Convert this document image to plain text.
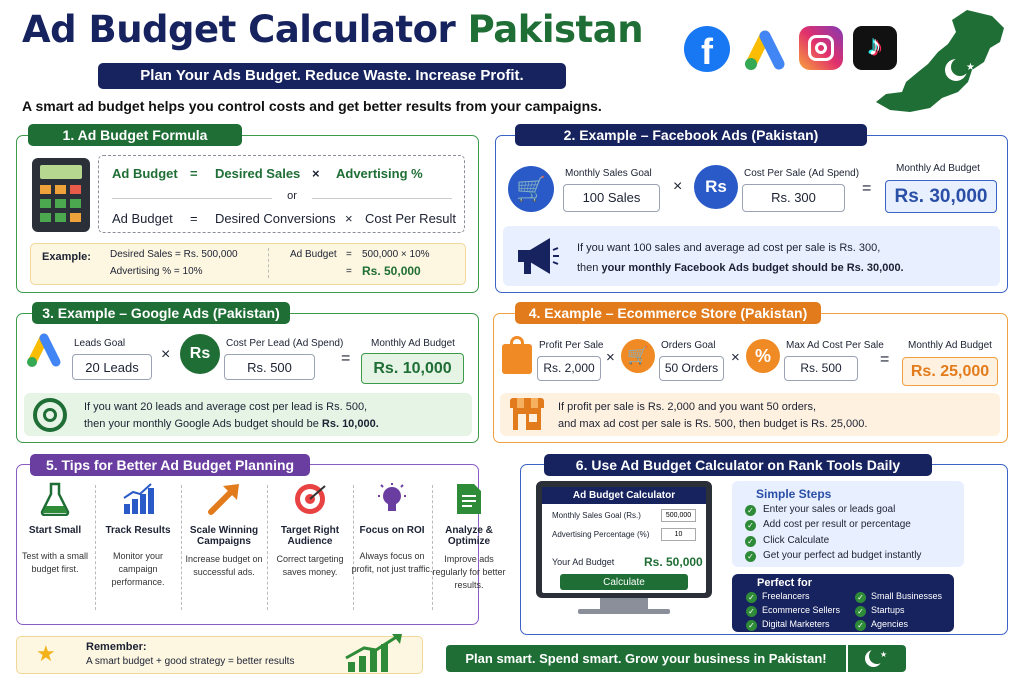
Ad Budget Calculator Pakistan
Plan Your Ads Budget. Reduce Waste. Increase Profit.
A smart ad budget helps you control costs and get better results from your campaigns.
f	♪
★
1. Ad Budget Formula
Ad Budget = Desired Sales × Advertising %
or
Ad Budget = Desired Conversions × Cost Per Result
Example: Desired Sales = Rs. 500,000
Advertising % = 10%
Ad Budget = 500,000 × 10%
= Rs. 50,000
2. Example – Facebook Ads (Pakistan)
🛒
Monthly Sales Goal
100 Sales
×	Rs
Cost Per Sale (Ad Spend)
Rs. 300
=
Monthly Ad Budget
Rs. 30,000
If you want 100 sales and average ad cost per sale is Rs. 300,
then your monthly Facebook Ads budget should be Rs. 30,000.
3. Example – Google Ads (Pakistan)
Leads Goal
20 Leads
×	Rs
Cost Per Lead (Ad Spend)
Rs. 500
=
Monthly Ad Budget
Rs. 10,000
If you want 20 leads and average cost per lead is Rs. 500,
then your monthly Google Ads budget should be Rs. 10,000.
4. Example – Ecommerce Store (Pakistan)
Profit Per Sale
Rs. 2,000
× 🛒
Orders Goal
50 Orders
× %	Max Ad Cost Per Sale
Rs. 500	=
Monthly Ad Budget
Rs. 25,000
If profit per sale is Rs. 2,000 and you want 50 orders,
and max ad cost per sale is Rs. 500, then budget is Rs. 25,000.
5. Tips for Better Ad Budget Planning
Start Small
Test with a small budget first.
Track Results
Monitor your campaign performance.
Scale Winning Campaigns
Increase budget on successful ads.
Target Right Audience
Correct targeting saves money.
Focus on ROI
Always focus on profit, not just traffic.
Analyze & Optimize
Improve ads regularly for better results.
★	Remember:
A smart budget + good strategy = better results
6. Use Ad Budget Calculator on Rank Tools Daily
Ad Budget Calculator
Monthly Sales Goal (Rs.)
500,000
Advertising Percentage (%)
10
Your Ad Budget Rs. 50,000
Calculate
Simple Steps
✓ Enter your sales or leads goal
✓ Add cost per result or percentage
✓ Click Calculate
✓ Get your perfect ad budget instantly
Perfect for
✓ Freelancers
✓ Ecommerce Sellers
✓ Digital Marketers
✓ Small Businesses
✓ Startups
✓ Agencies
Plan smart. Spend smart. Grow your business in Pakistan!	★
